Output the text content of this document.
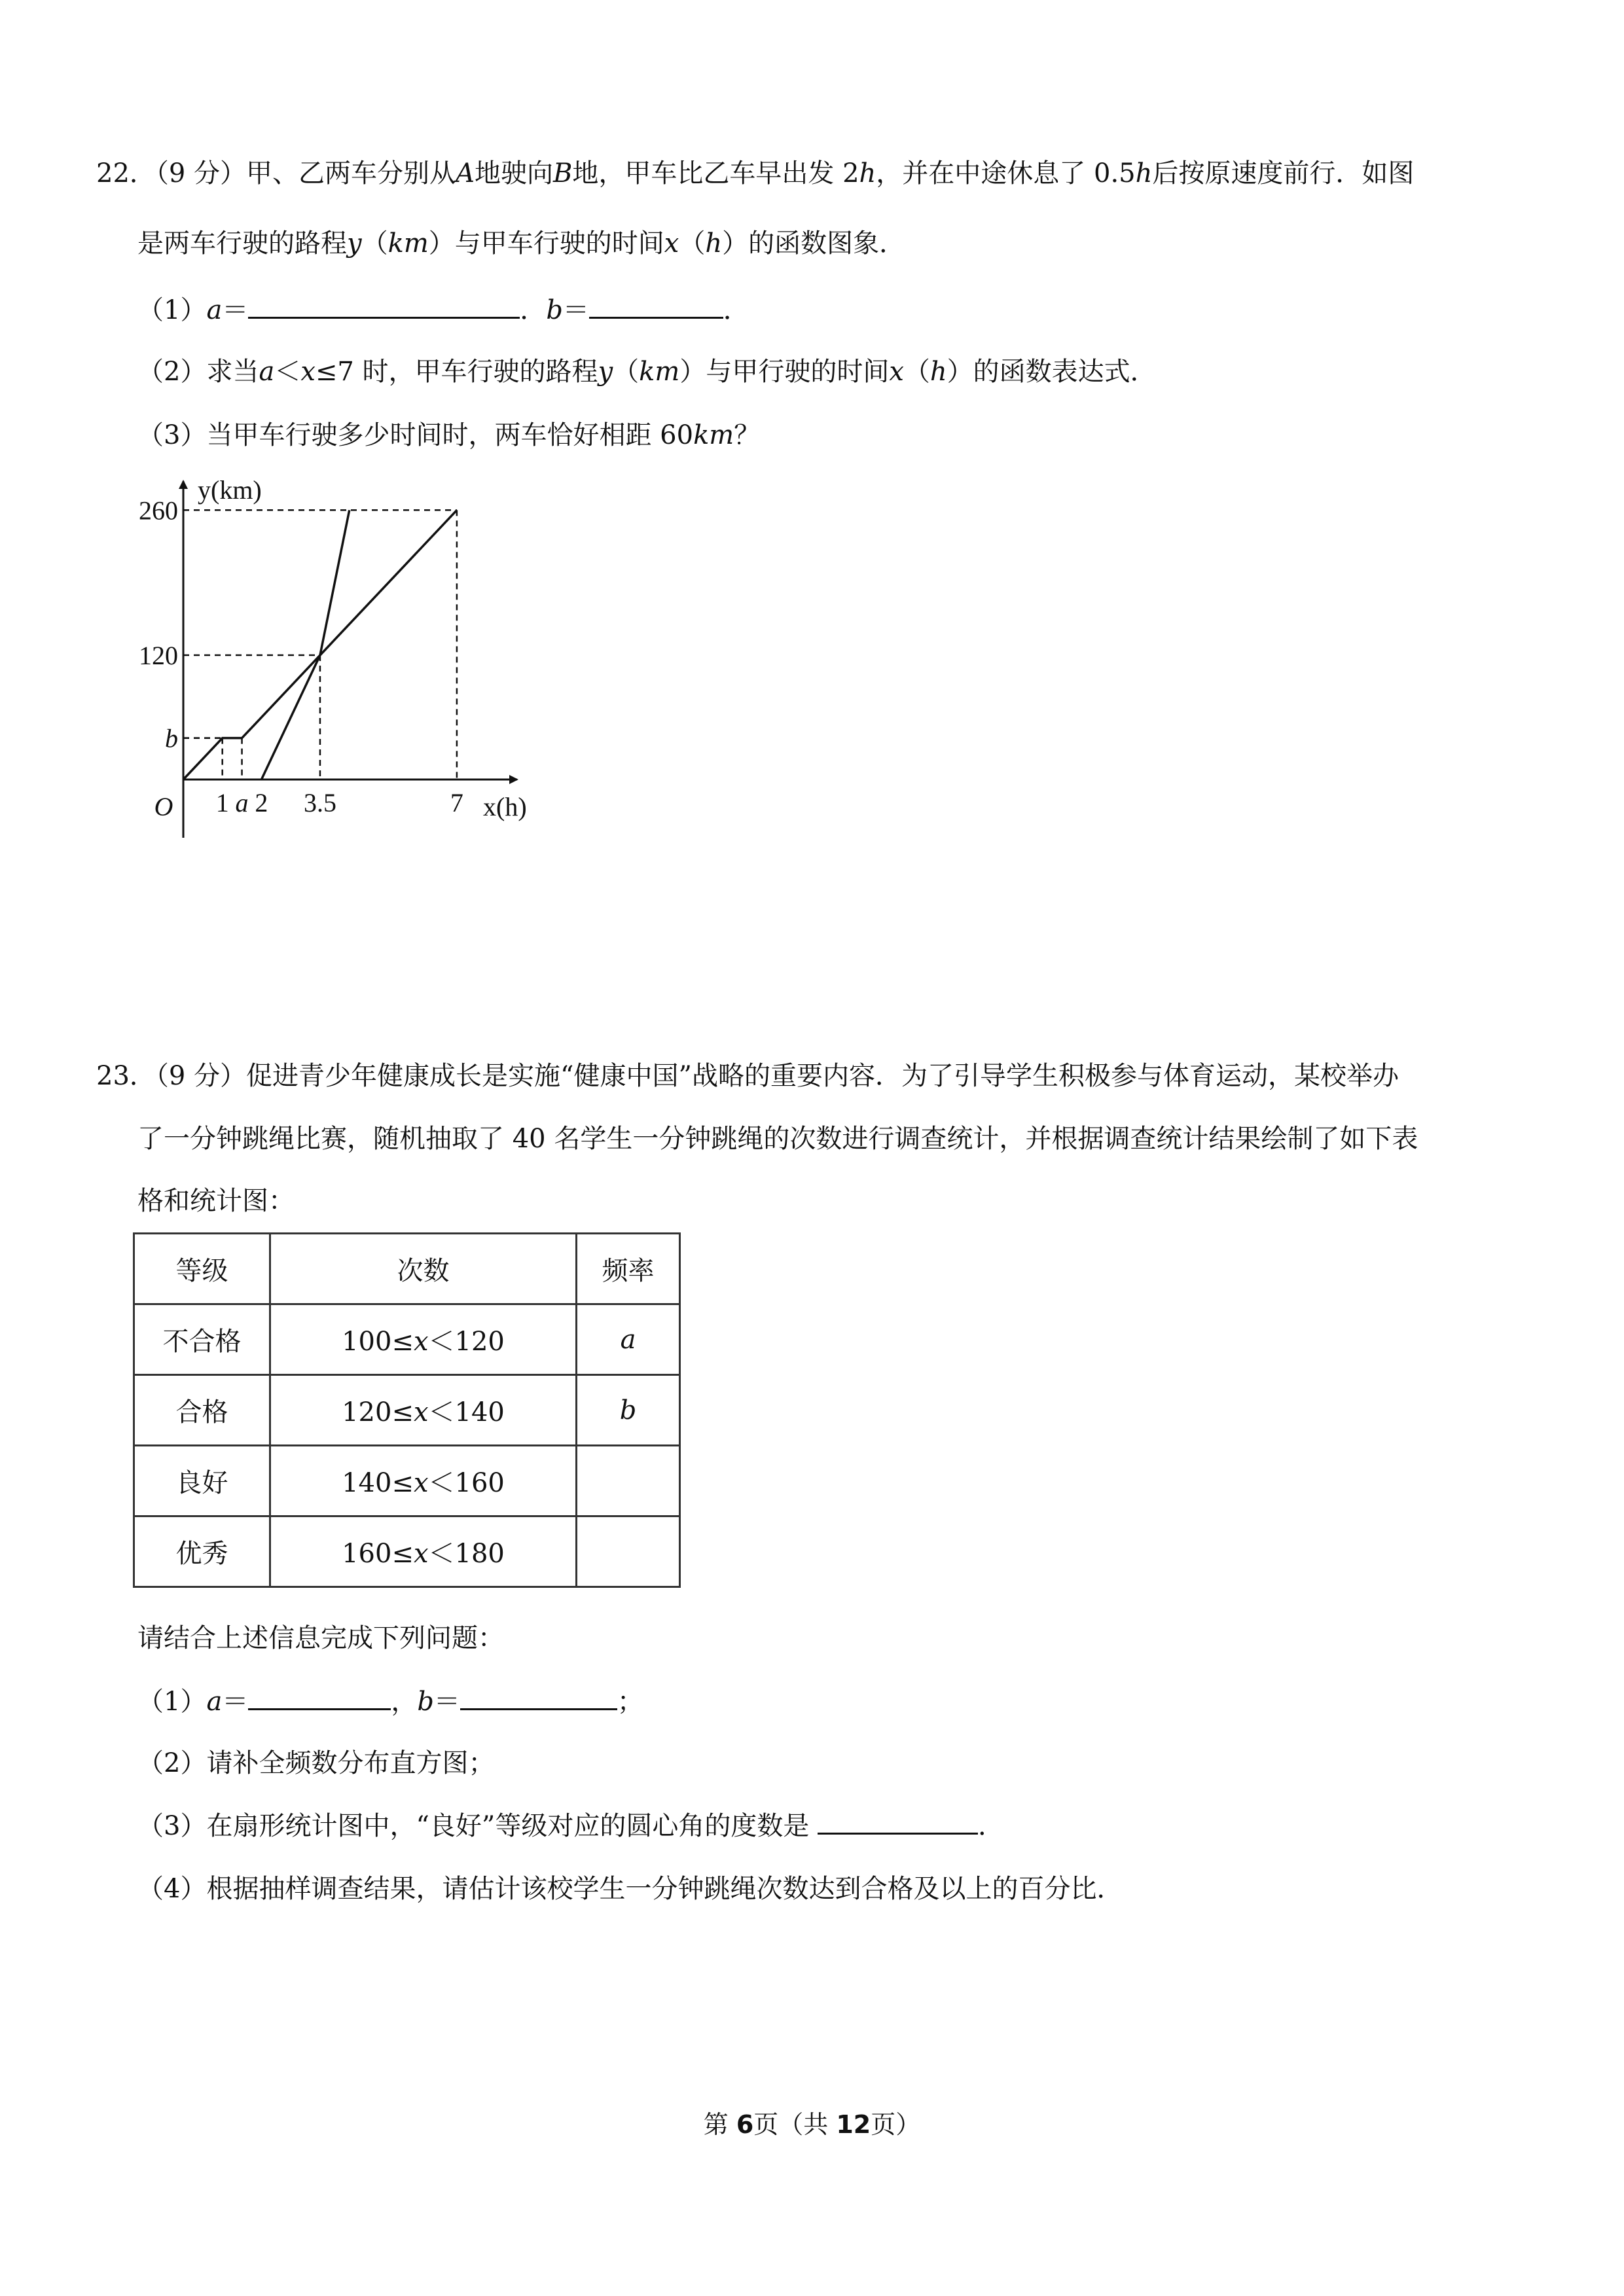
22．（9 分）甲、乙两车分别从A地驶向B地，甲车比乙车早出发 2h，并在中途休息了 0.5h后按原速度前行．如图
是两车行驶的路程y（km）与甲车行驶的时间x（h）的函数图象．
（1）a＝	．b＝	．
（2）求当a＜x≤7 时，甲车行驶的路程y（km）与甲行驶的时间x（h）的函数表达式．
（3）当甲车行驶多少时间时，两车恰好相距 60km？
260
120
b
1 a 2 3.5	7
y(km)
x(h)
O
23．（9 分）促进青少年健康成长是实施“健康中国”战略的重要内容．为了引导学生积极参与体育运动，某校举办
了一分钟跳绳比赛，随机抽取了 40 名学生一分钟跳绳的次数进行调查统计，并根据调查统计结果绘制了如下表
格和统计图：
等级	次数	频率
不合格	100≤x＜120	a
合格	120≤x＜140	b
良好	140≤x＜160	
优秀	160≤x＜180	
请结合上述信息完成下列问题：
（1）a＝	，b＝	；
（2）请补全频数分布直方图；
（3）在扇形统计图中，“良好”等级对应的圆心角的度数是	．
（4）根据抽样调查结果，请估计该校学生一分钟跳绳次数达到合格及以上的百分比．
第 6页（共 12页）
